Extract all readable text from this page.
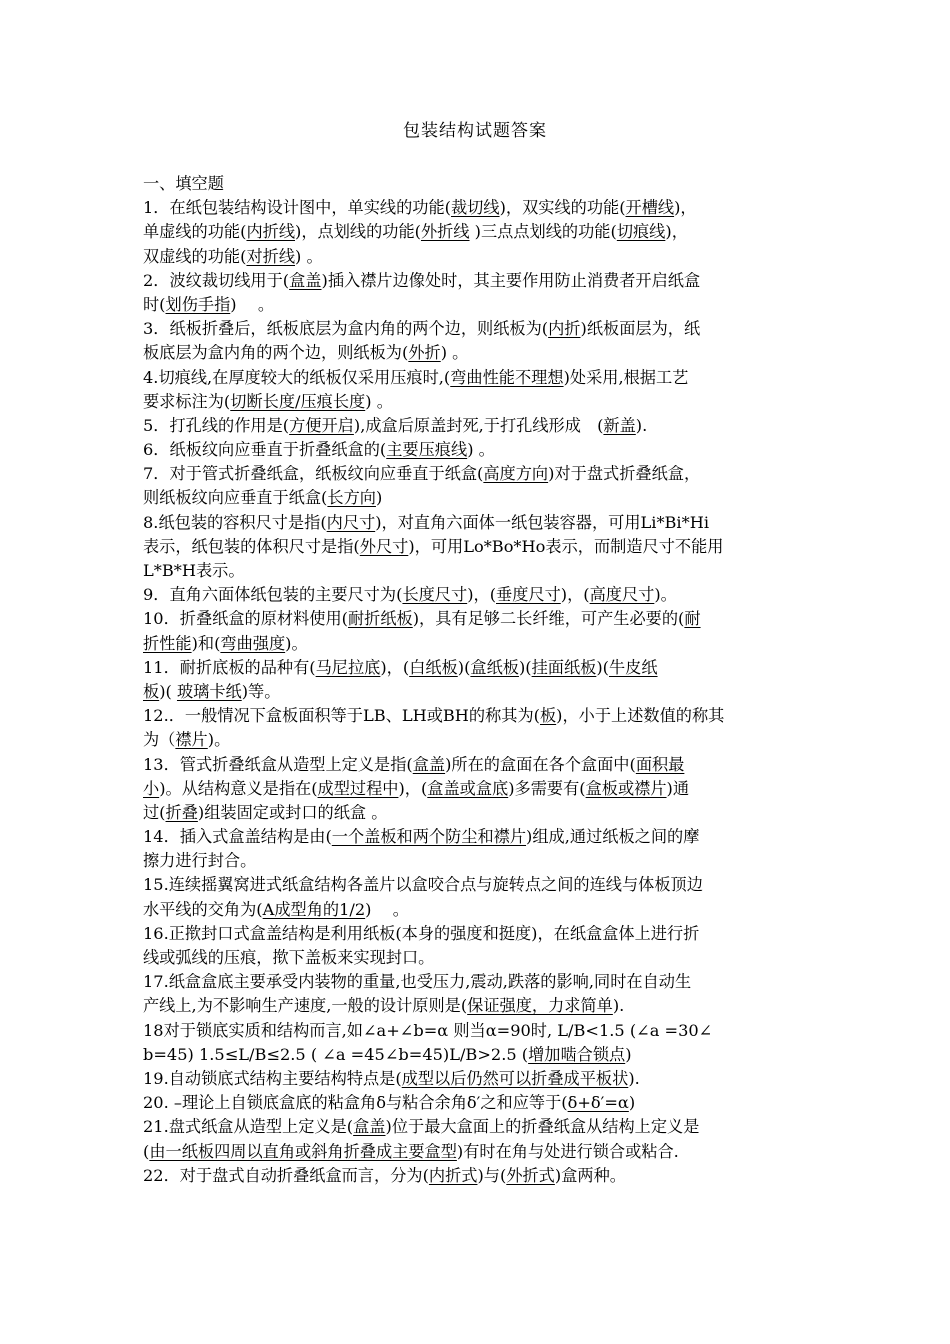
包装结构试题答案
一、填空题
1．在纸包装结构设计图中，单实线的功能(裁切线)，双实线的功能(开槽线)，
单虚线的功能(内折线)，点划线的功能(外折线 )三点点划线的功能(切痕线)，
双虚线的功能(对折线) 。
2．波纹裁切线用于(盒盖)插入襟片边像处时，其主要作用防止消费者开启纸盒
时(划伤手指)　 。
3．纸板折叠后，纸板底层为盒内角的两个边，则纸板为(内折)纸板面层为，纸
板底层为盒内角的两个边，则纸板为(外折) 。
4.切痕线,在厚度较大的纸板仅采用压痕时,(弯曲性能不理想)处采用,根据工艺
要求标注为(切断长度/压痕长度) 。
5．打孔线的作用是(方便开启),成盒后原盖封死,于打孔线形成　(新盖).
6．纸板纹向应垂直于折叠纸盒的(主要压痕线) 。
7．对于管式折叠纸盒，纸板纹向应垂直于纸盒(高度方向)对于盘式折叠纸盒，
则纸板纹向应垂直于纸盒(长方向)
8.纸包装的容积尺寸是指(内尺寸)，对直角六面体一纸包装容器，可用Li*Bi*Hi
表示，纸包装的体积尺寸是指(外尺寸)，可用Lo*Bo*Ho表示，而制造尺寸不能用
L*B*H表示。
9．直角六面体纸包装的主要尺寸为(长度尺寸)，(垂度尺寸)，(高度尺寸)。
10．折叠纸盒的原材料使用(耐折纸板)，具有足够二长纤维，可产生必要的(耐
折性能)和(弯曲强度)。
11．耐折底板的品种有(马尼拉底)，(白纸板)(盒纸板)(挂面纸板)(牛皮纸
板)( 玻璃卡纸)等。
12.．一般情况下盒板面积等于LB、LH或BH的称其为(板)，小于上述数值的称其
为（襟片)。
13．管式折叠纸盒从造型上定义是指(盒盖)所在的盒面在各个盒面中(面积最
小)。从结构意义是指在(成型过程中)，(盒盖或盒底)多需要有(盒板或襟片)通
过(折叠)组装固定或封口的纸盒 。
14．插入式盒盖结构是由(一个盖板和两个防尘和襟片)组成,通过纸板之间的摩
擦力进行封合。
15.连续摇翼窝进式纸盒结构各盖片以盒咬合点与旋转点之间的连线与体板顶边
水平线的交角为(A成型角的1/2)　 。
16.正揿封口式盒盖结构是利用纸板(本身的强度和挺度)，在纸盒盒体上进行折
线或弧线的压痕，揿下盖板来实现封口。
17.纸盒盒底主要承受内装物的重量,也受压力,震动,跌落的影响,同时在自动生
产线上,为不影响生产速度,一般的设计原则是(保证强度，力求简单).
18对于锁底实质和结构而言,如∠a+∠b=α 则当α=90时, L/B<1.5 (∠a =30∠
b=45) 1.5≤L/B≤2.5 ( ∠a =45∠b=45)L/B>2.5 (增加啮合锁点)
19.自动锁底式结构主要结构特点是(成型以后仍然可以折叠成平板状).
20. –理论上自锁底盒底的粘盒角δ与粘合余角δ′之和应等于(δ+δ′=α)
21.盘式纸盒从造型上定义是(盒盖)位于最大盒面上的折叠纸盒从结构上定义是
(由一纸板四周以直角或斜角折叠成主要盒型)有时在角与处进行锁合或粘合.
22．对于盘式自动折叠纸盒而言，分为(内折式)与(外折式)盒两种。
